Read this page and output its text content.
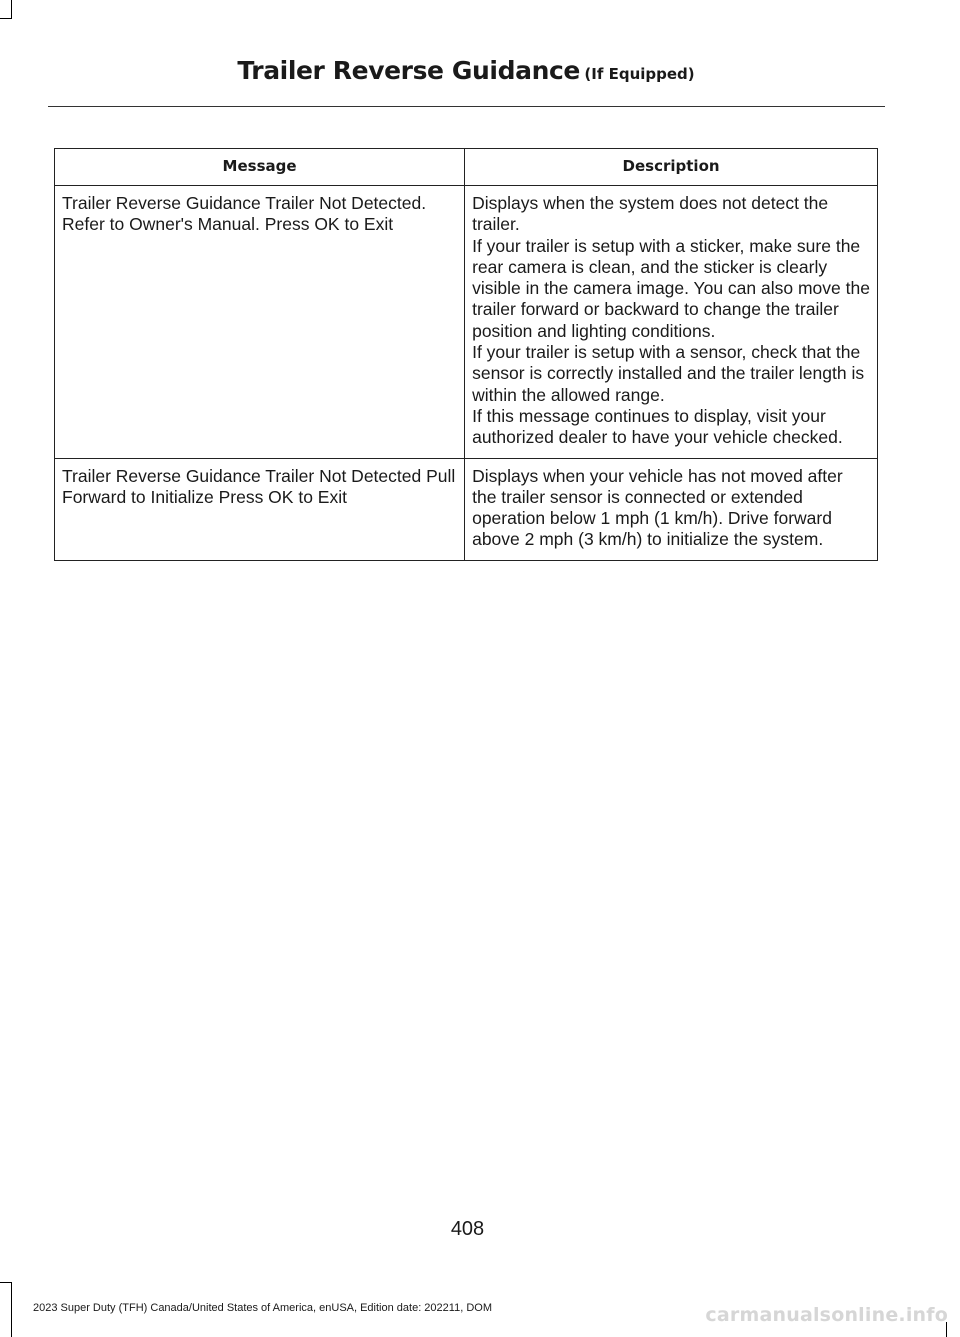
Trailer Reverse Guidance (If Equipped)
Message	Description
Trailer Reverse Guidance Trailer Not Detected. Refer to Owner's Manual. Press OK to Exit	Displays when the system does not detect the trailer.
If your trailer is setup with a sticker, make sure the rear camera is clean, and the sticker is clearly visible in the camera image. You can also move the trailer forward or backward to change the trailer position and lighting conditions.
If your trailer is setup with a sensor, check that the sensor is correctly installed and the trailer length is within the allowed range.
If this message continues to display, visit your authorized dealer to have your vehicle checked.

Trailer Reverse Guidance Trailer Not Detected Pull Forward to Initialize Press OK to Exit	Displays when your vehicle has not moved after the trailer sensor is connected or extended operation below 1 mph (1 km/h). Drive forward above 2 mph (3 km/h) to initialize the system.
408
2023 Super Duty (TFH) Canada/United States of America, enUSA, Edition date: 202211, DOM	carmanualsonline.info
